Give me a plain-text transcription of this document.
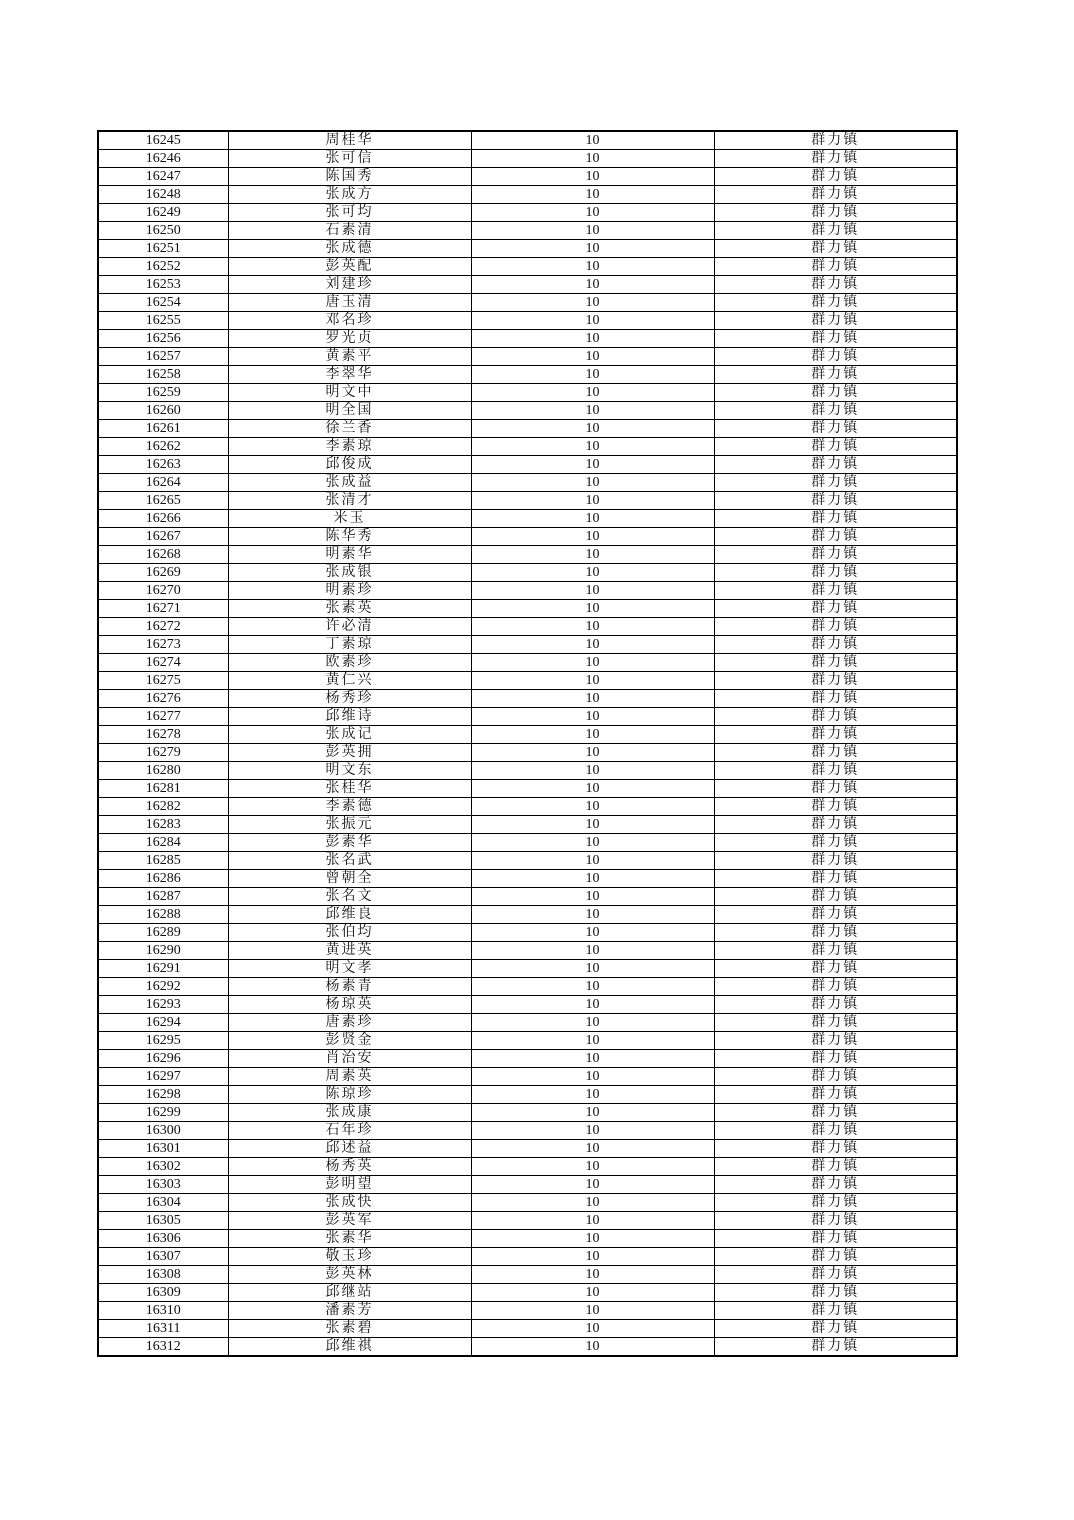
16245	周桂华	10	群力镇
16246	张可信	10	群力镇
16247	陈国秀	10	群力镇
16248	张成方	10	群力镇
16249	张可均	10	群力镇
16250	石素清	10	群力镇
16251	张成德	10	群力镇
16252	彭英配	10	群力镇
16253	刘建珍	10	群力镇
16254	唐玉清	10	群力镇
16255	邓名珍	10	群力镇
16256	罗光贞	10	群力镇
16257	黄素平	10	群力镇
16258	李翠华	10	群力镇
16259	明文中	10	群力镇
16260	明全国	10	群力镇
16261	徐兰香	10	群力镇
16262	李素琼	10	群力镇
16263	邱俊成	10	群力镇
16264	张成益	10	群力镇
16265	张清才	10	群力镇
16266	米玉	10	群力镇
16267	陈华秀	10	群力镇
16268	明素华	10	群力镇
16269	张成银	10	群力镇
16270	明素珍	10	群力镇
16271	张素英	10	群力镇
16272	许必清	10	群力镇
16273	丁素琼	10	群力镇
16274	欧素珍	10	群力镇
16275	黄仁兴	10	群力镇
16276	杨秀珍	10	群力镇
16277	邱维诗	10	群力镇
16278	张成记	10	群力镇
16279	彭英拥	10	群力镇
16280	明文东	10	群力镇
16281	张桂华	10	群力镇
16282	李素德	10	群力镇
16283	张振元	10	群力镇
16284	彭素华	10	群力镇
16285	张名武	10	群力镇
16286	曾朝全	10	群力镇
16287	张名文	10	群力镇
16288	邱维良	10	群力镇
16289	张伯均	10	群力镇
16290	黄进英	10	群力镇
16291	明文孝	10	群力镇
16292	杨素青	10	群力镇
16293	杨琼英	10	群力镇
16294	唐素珍	10	群力镇
16295	彭贤金	10	群力镇
16296	肖治安	10	群力镇
16297	周素英	10	群力镇
16298	陈琼珍	10	群力镇
16299	张成康	10	群力镇
16300	石年珍	10	群力镇
16301	邱述益	10	群力镇
16302	杨秀英	10	群力镇
16303	彭明望	10	群力镇
16304	张成快	10	群力镇
16305	彭英军	10	群力镇
16306	张素华	10	群力镇
16307	敬玉珍	10	群力镇
16308	彭英林	10	群力镇
16309	邱继站	10	群力镇
16310	潘素芳	10	群力镇
16311	张素碧	10	群力镇
16312	邱维祺	10	群力镇
